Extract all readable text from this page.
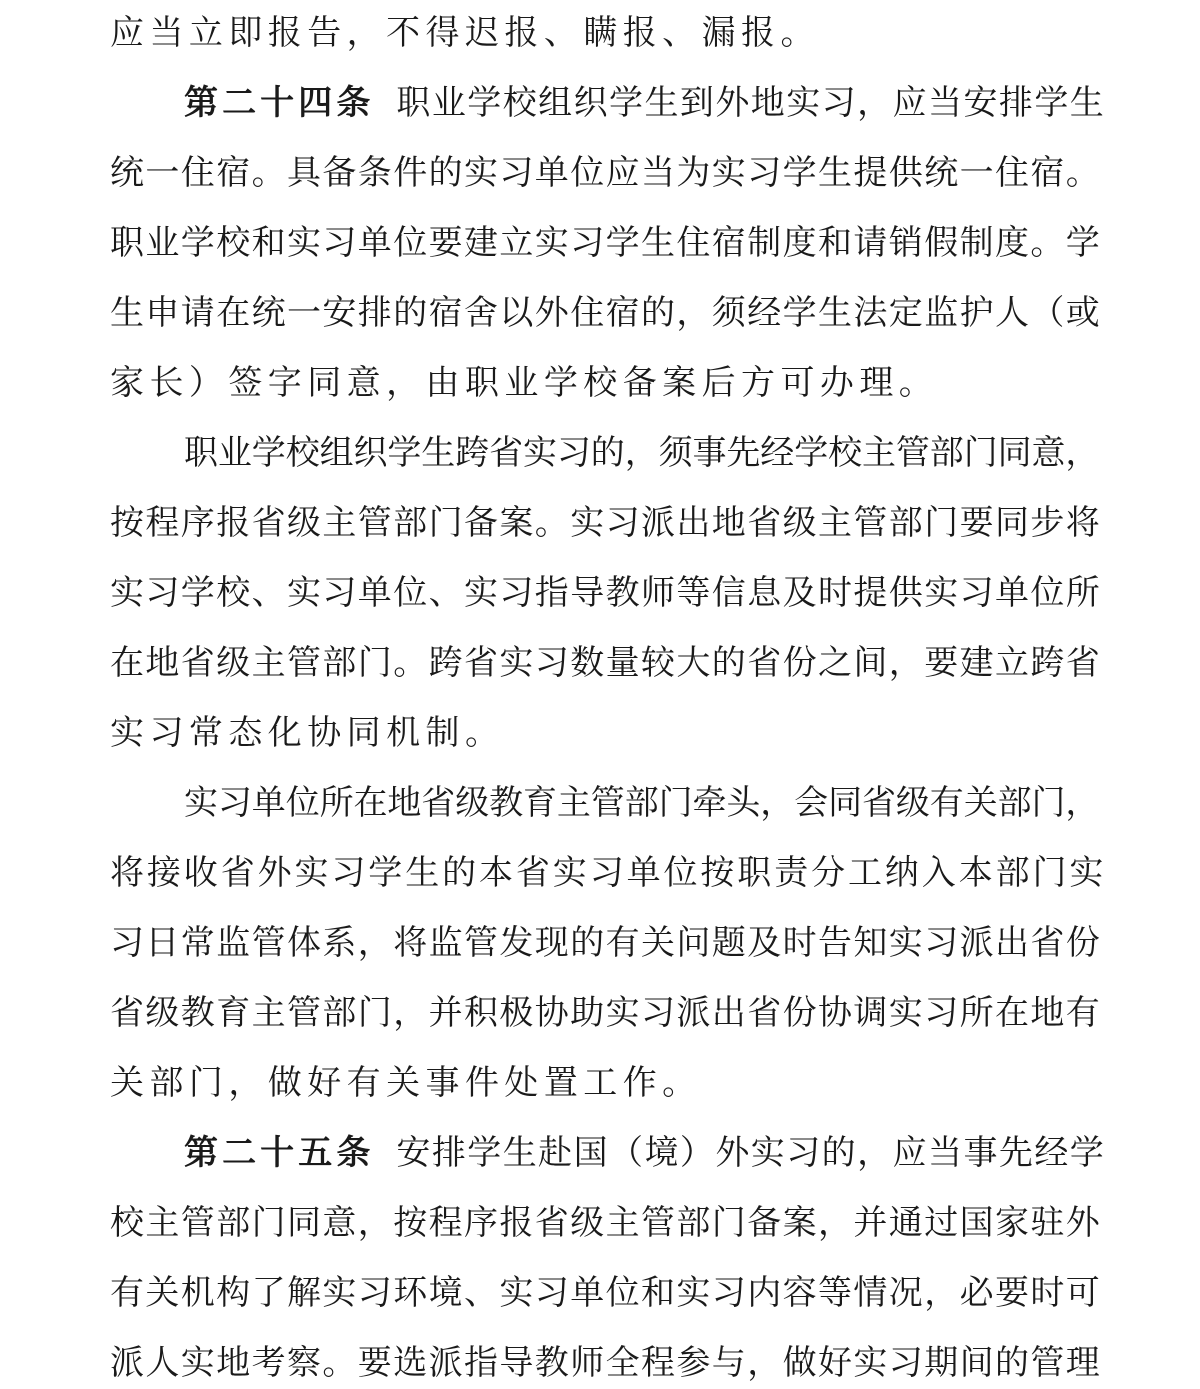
应当立即报告，不得迟报、瞒报、漏报。
第二十四条 职业学校组织学生到外地实习，应当安排学生
统一住宿。具备条件的实习单位应当为实习学生提供统一住宿。
职业学校和实习单位要建立实习学生住宿制度和请销假制度。学
生申请在统一安排的宿舍以外住宿的，须经学生法定监护人（或
家长）签字同意，由职业学校备案后方可办理。
职业学校组织学生跨省实习的，须事先经学校主管部门同意，
按程序报省级主管部门备案。实习派出地省级主管部门要同步将
实习学校、实习单位、实习指导教师等信息及时提供实习单位所
在地省级主管部门。跨省实习数量较大的省份之间，要建立跨省
实习常态化协同机制。
实习单位所在地省级教育主管部门牵头，会同省级有关部门，
将接收省外实习学生的本省实习单位按职责分工纳入本部门实
习日常监管体系，将监管发现的有关问题及时告知实习派出省份
省级教育主管部门，并积极协助实习派出省份协调实习所在地有
关部门，做好有关事件处置工作。
第二十五条 安排学生赴国（境）外实习的，应当事先经学
校主管部门同意，按程序报省级主管部门备案，并通过国家驻外
有关机构了解实习环境、实习单位和实习内容等情况，必要时可
派人实地考察。要选派指导教师全程参与，做好实习期间的管理
